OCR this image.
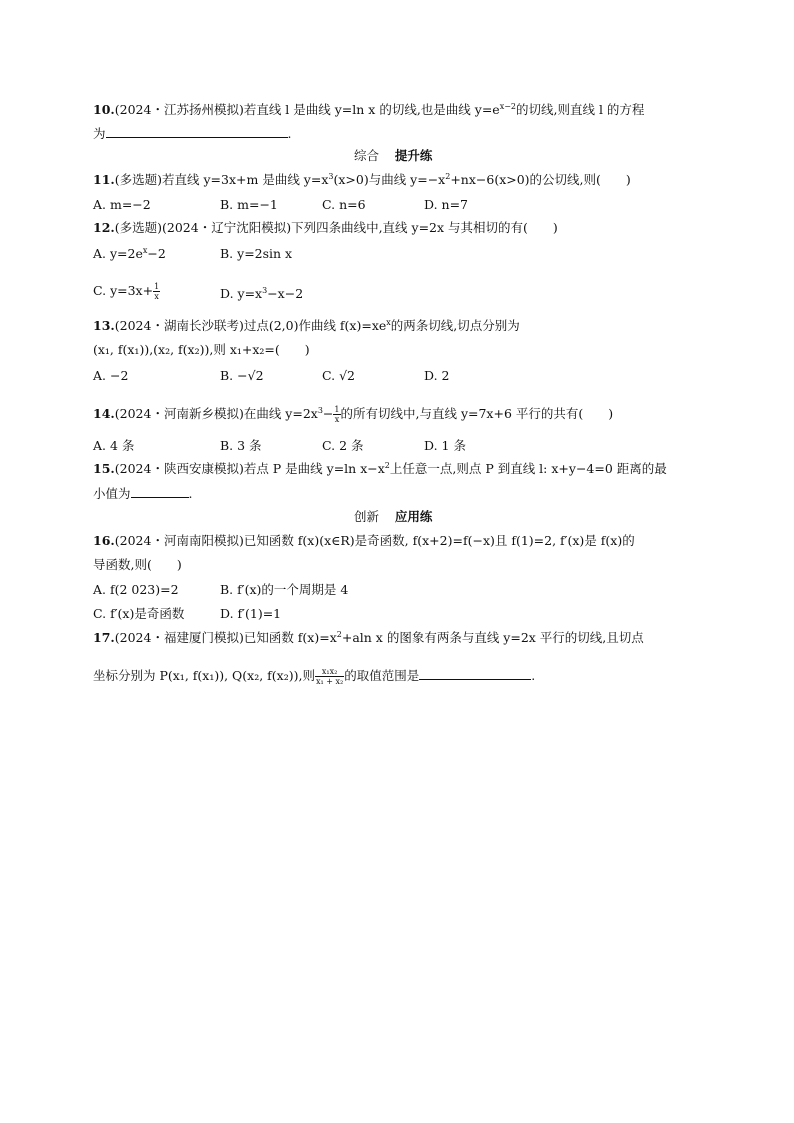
10.(2024・江苏扬州模拟)若直线 l 是曲线 y=ln x 的切线,也是曲线 $y=e^{x-2}$的切线,则直线 l 的方程
为	.
综合 提升练
11.(多选题)若直线 y=3x+m 是曲线 $y=x^3(x>0)$与曲线 $y=-x^2+nx-6(x>0)$的公切线,则(　　)
A. m=−2	B. m=−1	C. n=6	D. n=7
12.(多选题)(2024・辽宁沈阳模拟)下列四条曲线中,直线 y=2x 与其相切的有(　　)
A. $y=2e^x-2$	B. y=2sin x
C. $y=3x+ \frac{1}{x}$	D. $y=x^3-x-2$
13.(2024・湖南长沙联考)过点(2,0)作曲线 $f(x)=xe^x$的两条切线,切点分别为
(x₁, f(x₁)),(x₂, f(x₂)),则 x₁+x₂=(　　)
A. −2	B. −√2	C. √2	D. 2
14.(2024・河南新乡模拟)在曲线 $y=2x^3- \frac{1}{x}$ 的所有切线中,与直线 y=7x+6 平行的共有(　　)
A. 4 条	B. 3 条	C. 2 条	D. 1 条
15.(2024・陕西安康模拟)若点 P 是曲线 y=ln $x-x^2$上任意一点,则点 P 到直线 l: x+y−4=0 距离的最
小值为	.
创新 应用练
16.(2024・河南南阳模拟)已知函数 f(x)(x∈R)是奇函数, f(x+2)=f(−x)且 f(1)=2, f′(x)是 f(x)的
导函数,则(　　)
A. f(2 023)=2	B. f′(x)的一个周期是 4
C. f′(x)是奇函数	D. f′(1)=1
17.(2024・福建厦门模拟)已知函数 $f(x)=x^2+aln$ x 的图象有两条与直线 y=2x 平行的切线,且切点
坐标分别为 P(x₁, f(x₁)), Q(x₂, f(x₂)),则 $\frac{\text{x₁x₂}}{\text{x₁ + x₂}}$ 的取值范围是	.
